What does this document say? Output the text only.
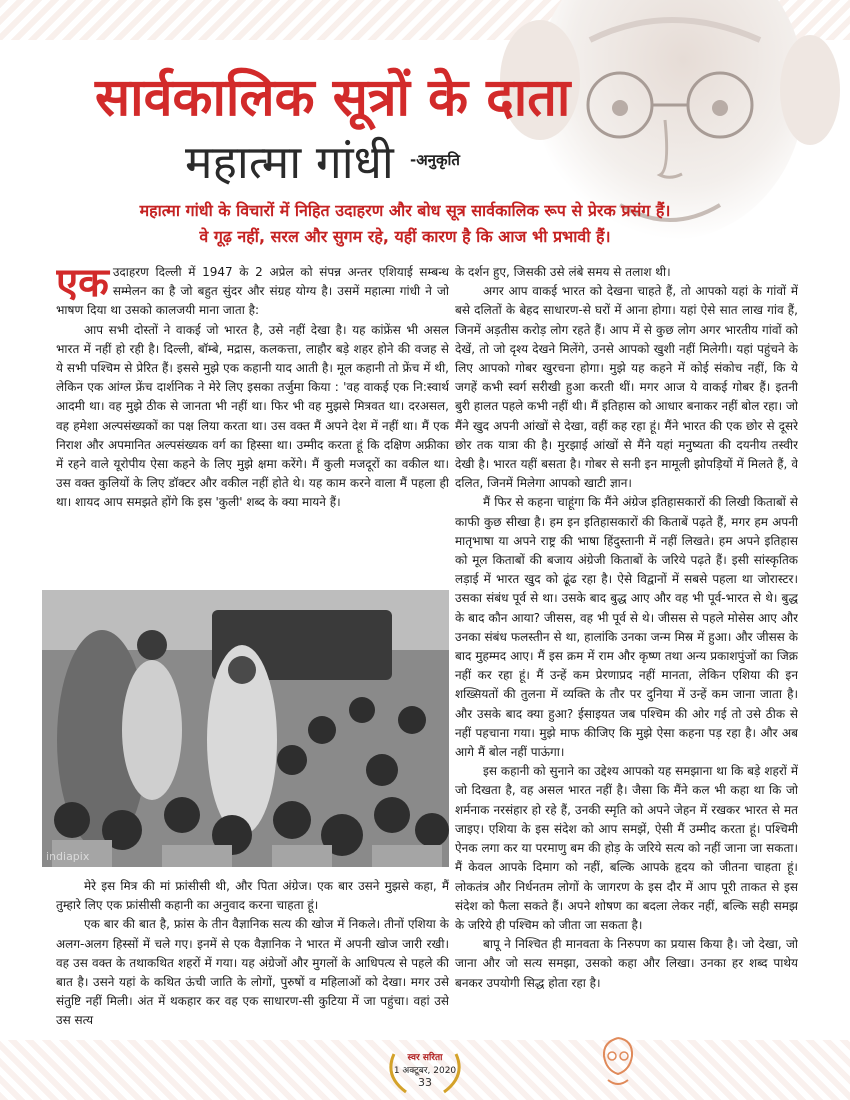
सार्वकालिक सूत्रों के दाता
महात्मा गांधी -अनुकृति
महात्मा गांधी के विचारों में निहित उदाहरण और बोध सूत्र सार्वकालिक रूप से प्रेरक प्रसंग हैं।
वे गूढ़ नहीं, सरल और सुगम रहे, यहीं कारण है कि आज भी प्रभावी हैं।

एक उदाहरण दिल्ली में 1947 के 2 अप्रेल को संपन्न अन्तर एशियाई सम्बन्ध सम्मेलन का है जो बहुत सुंदर और संग्रह योग्य है। उसमें महात्मा गांधी ने जो भाषण दिया था उसको कालजयी माना जाता है:

आप सभी दोस्तों ने वाकई जो भारत है, उसे नहीं देखा है। यह कांफ्रेंस भी असल भारत में नहीं हो रही है। दिल्ली, बॉम्बे, मद्रास, कलकत्ता, लाहौर बड़े शहर होने की वजह से ये सभी पश्चिम से प्रेरित हैं। इससे मुझे एक कहानी याद आती है। मूल कहानी तो फ्रेंच में थी, लेकिन एक आंग्ल फ्रेंच दार्शनिक ने मेरे लिए इसका तर्जुमा किया : 'वह वाकई एक नि:स्वार्थ आदमी था। वह मुझे ठीक से जानता भी नहीं था। फिर भी वह मुझसे मित्रवत था। दरअसल, वह हमेशा अल्पसंख्यकों का पक्ष लिया करता था। उस वक्त मैं अपने देश में नहीं था। मैं एक निराश और अपमानित अल्पसंख्यक वर्ग का हिस्सा था। उम्मीद करता हूं कि दक्षिण अफ्रीका में रहने वाले यूरोपीय ऐसा कहने के लिए मुझे क्षमा करेंगे। मैं कुली मजदूरों का वकील था। उस वक्त कुलियों के लिए डॉक्टर और वकील नहीं होते थे। यह काम करने वाला मैं पहला ही था। शायद आप समझते होंगे कि इस 'कुली' शब्द के क्या मायने हैं।

indiapix

मेरे इस मित्र की मां फ्रांसीसी थी, और पिता अंग्रेज। एक बार उसने मुझसे कहा, मैं तुम्हारे लिए एक फ्रांसीसी कहानी का अनुवाद करना चाहता हूं।

एक बार की बात है, फ्रांस के तीन वैज्ञानिक सत्य की खोज में निकले। तीनों एशिया के अलग-अलग हिस्सों में चले गए। इनमें से एक वैज्ञानिक ने भारत में अपनी खोज जारी रखी। वह उस वक्त के तथाकथित शहरों में गया। यह अंग्रेजों और मुगलों के आधिपत्य से पहले की बात है। उसने यहां के कथित ऊंची जाति के लोगों, पुरुषों व महिलाओं को देखा। मगर उसे संतुष्टि नहीं मिली। अंत में थकहार कर वह एक साधारण-सी कुटिया में जा पहुंचा। वहां उसे उस सत्य

के दर्शन हुए, जिसकी उसे लंबे समय से तलाश थी।

अगर आप वाकई भारत को देखना चाहते हैं, तो आपको यहां के गांवों में बसे दलितों के बेहद साधारण-से घरों में आना होगा। यहां ऐसे सात लाख गांव हैं, जिनमें अड़तीस करोड़ लोग रहते हैं। आप में से कुछ लोग अगर भारतीय गांवों को देखें, तो जो दृश्य देखने मिलेंगे, उनसे आपको खुशी नहीं मिलेगी। यहां पहुंचने के लिए आपको गोबर खुरचना होगा। मुझे यह कहने में कोई संकोच नहीं, कि ये जगहें कभी स्वर्ग सरीखी हुआ करती थीं। मगर आज ये वाकई गोबर हैं। इतनी बुरी हालत पहले कभी नहीं थी। मैं इतिहास को आधार बनाकर नहीं बोल रहा। जो मैंने खुद अपनी आंखों से देखा, वहीं कह रहा हूं। मैंने भारत की एक छोर से दूसरे छोर तक यात्रा की है। मुरझाई आंखों से मैंने यहां मनुष्यता की दयनीय तस्वीर देखी है। भारत यहीं बसता है। गोबर से सनी इन मामूली झोपड़ियों में मिलते हैं, वे दलित, जिनमें मिलेगा आपको खाटी ज्ञान।

मैं फिर से कहना चाहूंगा कि मैंने अंग्रेज इतिहासकारों की लिखी किताबों से काफी कुछ सीखा है। हम इन इतिहासकारों की किताबें पढ़ते हैं, मगर हम अपनी मातृभाषा या अपने राष्ट्र की भाषा हिंदुस्तानी में नहीं लिखते। हम अपने इतिहास को मूल किताबों की बजाय अंग्रेजी किताबों के जरिये पढ़ते हैं। इसी सांस्कृतिक लड़ाई में भारत खुद को ढूंढ रहा है। ऐसे विद्वानों में सबसे पहला था जोरास्टर। उसका संबंध पूर्व से था। उसके बाद बुद्ध आए और वह भी पूर्व-भारत से थे। बुद्ध के बाद कौन आया? जीसस, वह भी पूर्व से थे। जीसस से पहले मोसेस आए और उनका संबंध फलस्तीन से था, हालांकि उनका जन्म मिस्र में हुआ। और जीसस के बाद मुहम्मद आए। मैं इस क्रम में राम और कृष्ण तथा अन्य प्रकाशपुंजों का जिक्र नहीं कर रहा हूं। मैं उन्हें कम प्रेरणाप्रद नहीं मानता, लेकिन एशिया की इन शख्सियतों की तुलना में व्यक्ति के तौर पर दुनिया में उन्हें कम जाना जाता है। और उसके बाद क्या हुआ? ईसाइयत जब पश्चिम की ओर गई तो उसे ठीक से नहीं पहचाना गया। मुझे माफ कीजिए कि मुझे ऐसा कहना पड़ रहा है। और अब आगे मैं बोल नहीं पाऊंगा।

इस कहानी को सुनाने का उद्देश्य आपको यह समझाना था कि बड़े शहरों में जो दिखता है, वह असल भारत नहीं है। जैसा कि मैंने कल भी कहा था कि जो शर्मनाक नरसंहार हो रहे हैं, उनकी स्मृति को अपने जेहन में रखकर भारत से मत जाइए। एशिया के इस संदेश को आप समझें, ऐसी मैं उम्मीद करता हूं। पश्चिमी ऐनक लगा कर या परमाणु बम की होड़ के जरिये सत्य को नहीं जाना जा सकता। मैं केवल आपके दिमाग को नहीं, बल्कि आपके हृदय को जीतना चाहता हूं। लोकतंत्र और निर्धनतम लोगों के जागरण के इस दौर में आप पूरी ताकत से इस संदेश को फैला सकते हैं। अपने शोषण का बदला लेकर नहीं, बल्कि सही समझ के जरिये ही पश्चिम को जीता जा सकता है।

बापू ने निश्चित ही मानवता के निरुपण का प्रयास किया है। जो देखा, जो जाना और जो सत्य समझा, उसको कहा और लिखा। उनका हर शब्द पाथेय बनकर उपयोगी सिद्ध होता रहा है।

स्वर सरिता
1 अक्टूबर, 2020
33
